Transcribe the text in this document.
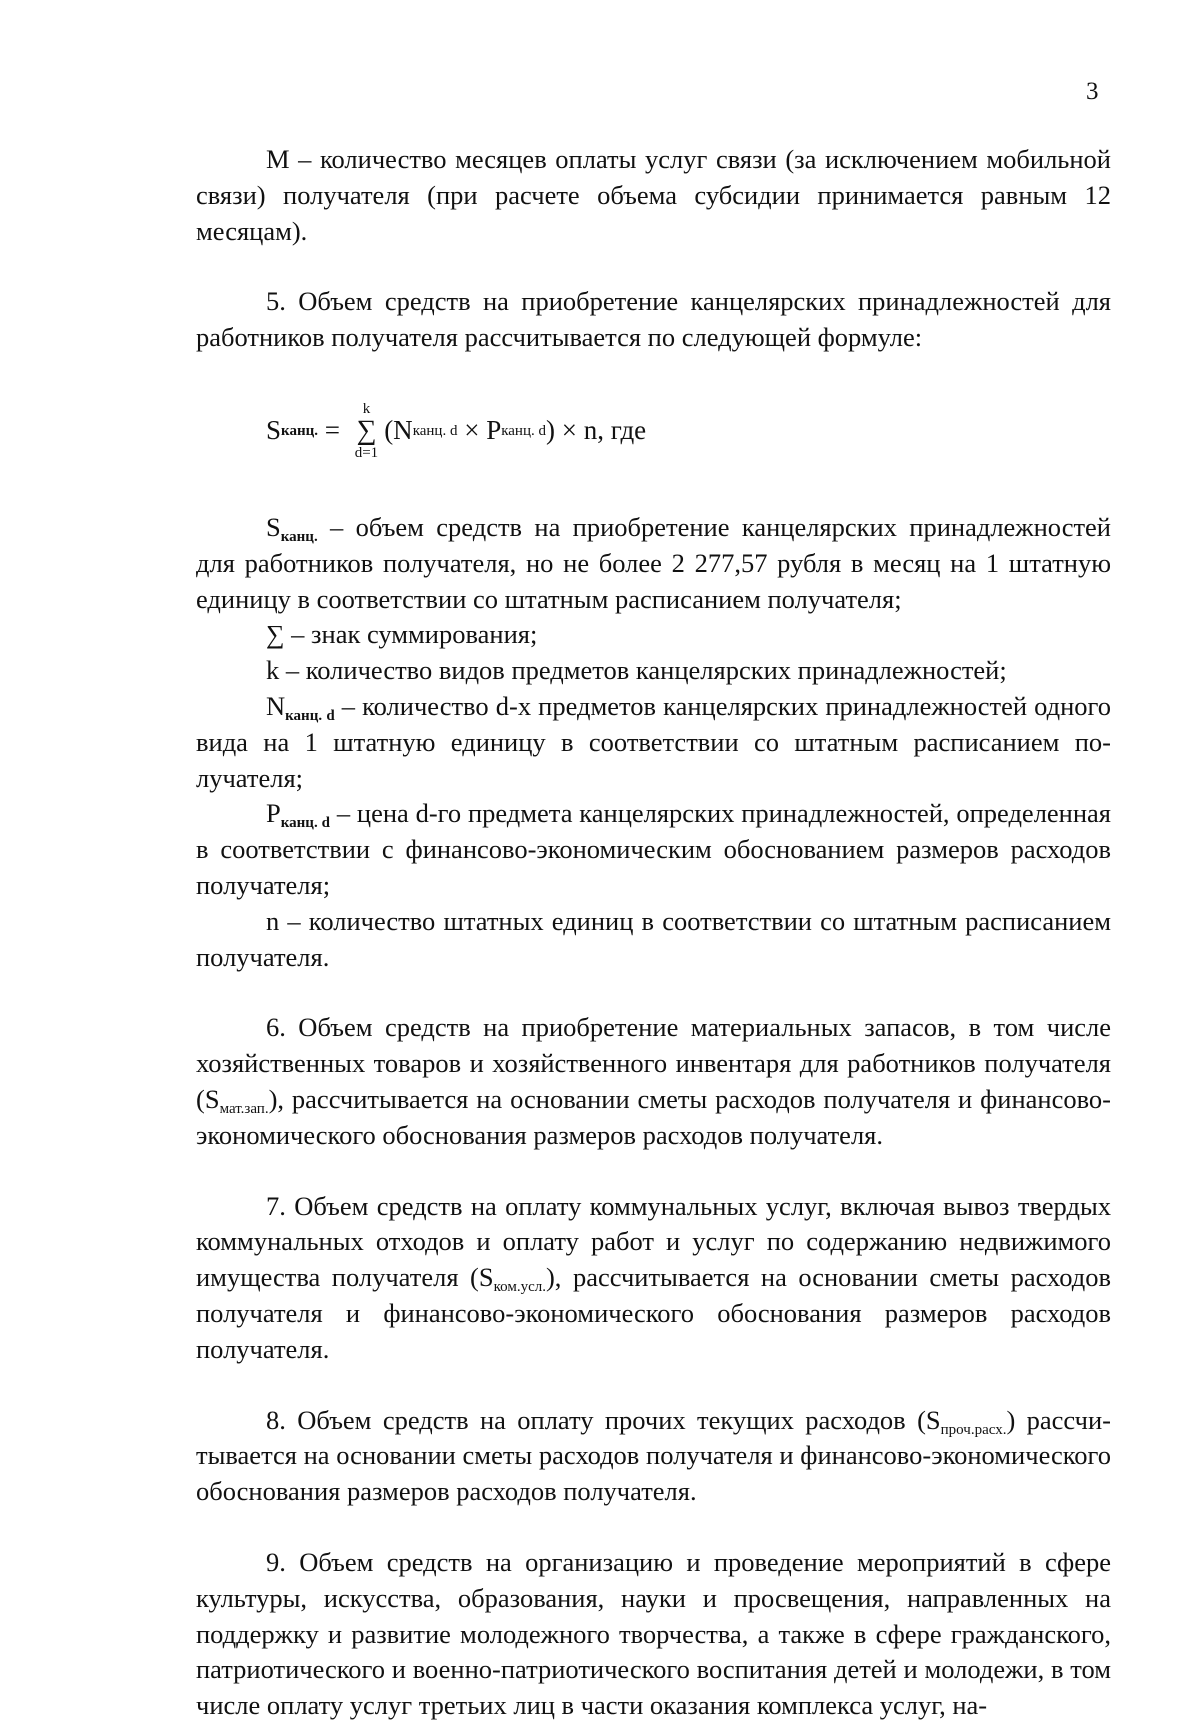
3

М – количество месяцев оплаты услуг связи (за исключением мобильной связи) получателя (при расчете объема субсидии принимается равным 12 месяцам).

5. Объем средств на приобретение канцелярских принадлежностей для работников получателя рассчитывается по следующей формуле:

S канц. =
k
∑
d=1
(N канц. d × P канц. d ) × n, где

$S_{канц.}$ – объем средств на приобретение канцелярских принадлежностей для работников получателя, но не более 2 277,57 рубля в месяц на 1 штатную единицу в соответствии со штатным расписанием получателя;

∑ – знак суммирования;

k – количество видов предметов канцелярских принадлежностей;

$N_{канц. d}$ – количество d-х предметов канцелярских принадлежностей одного вида на 1 штатную единицу в соответствии со штатным расписанием получателя;

$P_{канц. d}$ – цена d-го предмета канцелярских принадлежностей, определенная в соответствии с финансово-экономическим обоснованием размеров расходов получателя;

n – количество штатных единиц в соответствии со штатным расписанием получателя.

6. Объем средств на приобретение материальных запасов, в том числе хозяйственных товаров и хозяйственного инвентаря для работников получателя (Sмат.зап.), рассчитывается на основании сметы расходов получателя и финансово-экономического обоснования размеров расходов получателя.

7. Объем средств на оплату коммунальных услуг, включая вывоз твердых коммунальных отходов и оплату работ и услуг по содержанию недвижимого имущества получателя (Sком.усл.), рассчитывается на основании сметы расходов получателя и финансово-экономического обоснования размеров расходов получателя.

8. Объем средств на оплату прочих текущих расходов (Sпроч.расх.) рассчитывается на основании сметы расходов получателя и финансово-экономического обоснования размеров расходов получателя.

9. Объем средств на организацию и проведение мероприятий в сфере культуры, искусства, образования, науки и просвещения, направленных на поддержку и развитие молодежного творчества, а также в сфере гражданского, патриотического и военно-патриотического воспитания детей и молодежи, в том числе оплату услуг третьих лиц в части оказания комплекса услуг, на-
